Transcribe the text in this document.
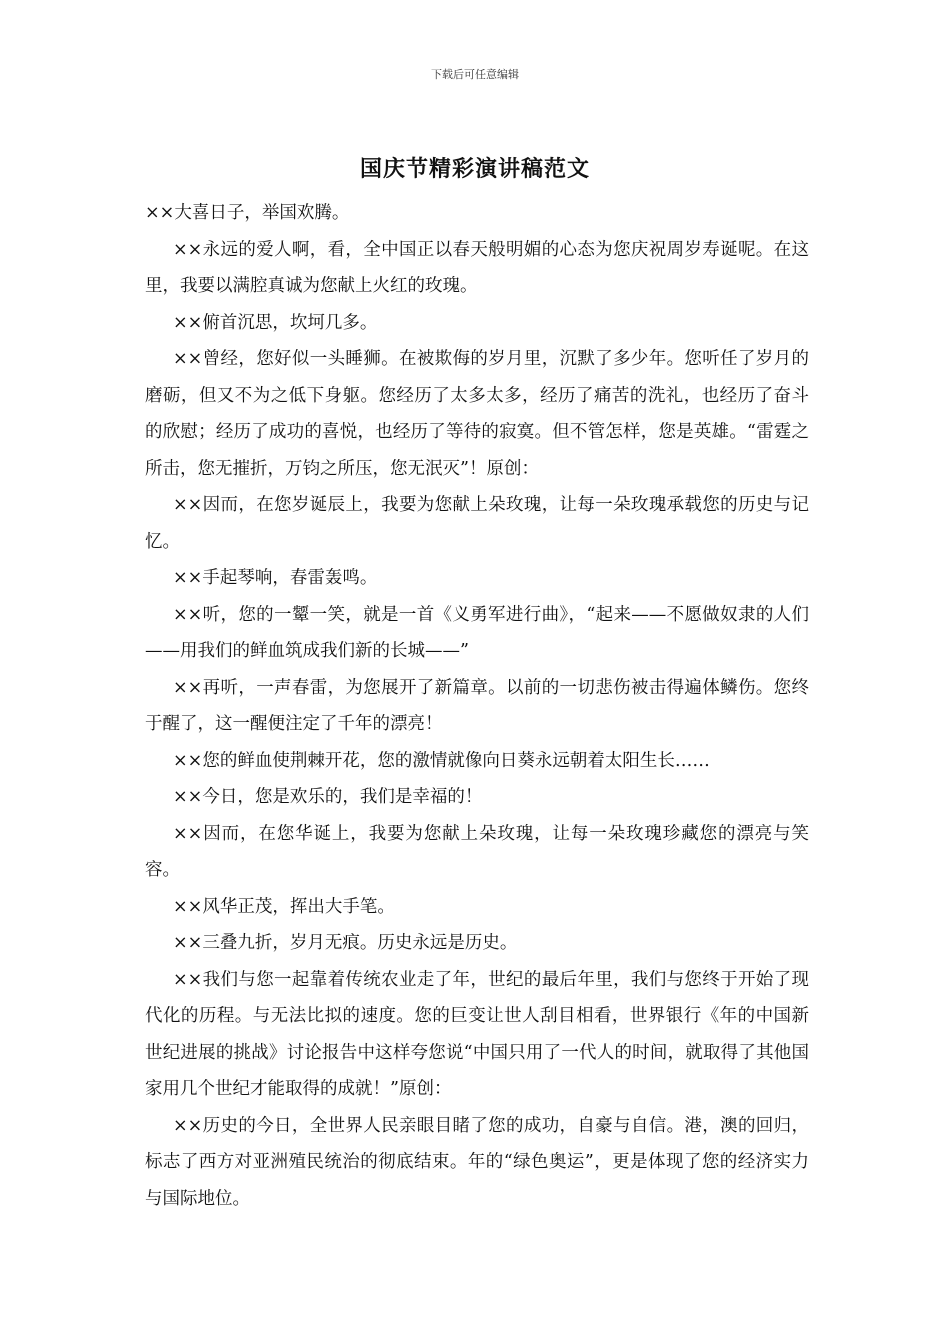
下载后可任意编辑
国庆节精彩演讲稿范文

××大喜日子，举国欢腾。

××永远的爱人啊，看，全中国正以春天般明媚的心态为您庆祝周岁寿诞呢。在这里，我要以满腔真诚为您献上火红的玫瑰。

××俯首沉思，坎坷几多。

××曾经，您好似一头睡狮。在被欺侮的岁月里，沉默了多少年。您听任了岁月的磨砺，但又不为之低下身躯。您经历了太多太多，经历了痛苦的洗礼，也经历了奋斗的欣慰；经历了成功的喜悦，也经历了等待的寂寞。但不管怎样，您是英雄。“雷霆之所击，您无摧折，万钧之所压，您无泯灭”！原创：

××因而，在您岁诞辰上，我要为您献上朵玫瑰，让每一朵玫瑰承载您的历史与记忆。

××手起琴响，春雷轰鸣。

××听，您的一颦一笑，就是一首《义勇军进行曲》，“起来——不愿做奴隶的人们——用我们的鲜血筑成我们新的长城——”

××再听，一声春雷，为您展开了新篇章。以前的一切悲伤被击得遍体鳞伤。您终于醒了，这一醒便注定了千年的漂亮！

××您的鲜血使荆棘开花，您的激情就像向日葵永远朝着太阳生长……

××今日，您是欢乐的，我们是幸福的！

××因而，在您华诞上，我要为您献上朵玫瑰，让每一朵玫瑰珍藏您的漂亮与笑容。

××风华正茂，挥出大手笔。

××三叠九折，岁月无痕。历史永远是历史。

××我们与您一起靠着传统农业走了年，世纪的最后年里，我们与您终于开始了现代化的历程。与无法比拟的速度。您的巨变让世人刮目相看，世界银行《年的中国新世纪进展的挑战》讨论报告中这样夸您说“中国只用了一代人的时间，就取得了其他国家用几个世纪才能取得的成就！”原创：

××历史的今日，全世界人民亲眼目睹了您的成功，自豪与自信。港，澳的回归，标志了西方对亚洲殖民统治的彻底结束。年的“绿色奥运”，更是体现了您的经济实力与国际地位。
